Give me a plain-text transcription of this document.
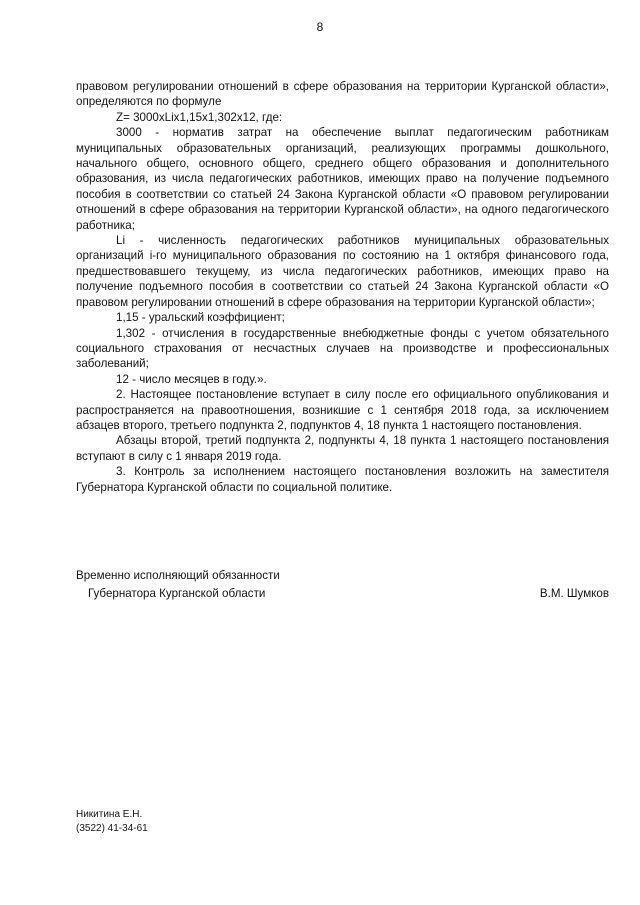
8

правовом регулировании отношений в сфере образования на территории Курганской области», определяются по формуле

Z= 3000xLix1,15x1,302x12, где:

3000 - норматив затрат на обеспечение выплат педагогическим работникам муниципальных образовательных организаций, реализующих программы дошкольного, начального общего, основного общего, среднего общего образования и дополнительного образования, из числа педагогических работников, имеющих право на получение подъемного пособия в соответствии со статьей 24 Закона Курганской области «О правовом регулировании отношений в сфере образования на территории Курганской области», на одного педагогического работника;

Li - численность педагогических работников муниципальных образовательных организаций i-го муниципального образования по состоянию на 1 октября финансового года, предшествовавшего текущему, из числа педагогических работников, имеющих право на получение подъемного пособия в соответствии со статьей 24 Закона Курганской области «О правовом регулировании отношений в сфере образования на территории Курганской области»;

1,15 - уральский коэффициент;

1,302 - отчисления в государственные внебюджетные фонды с учетом обязательного социального страхования от несчастных случаев на производстве и профессиональных заболеваний;

12 - число месяцев в году.».

2. Настоящее постановление вступает в силу после его официального опубликования и распространяется на правоотношения, возникшие с 1 сентября 2018 года, за исключением абзацев второго, третьего подпункта 2, подпунктов 4, 18 пункта 1 настоящего постановления.

Абзацы второй, третий подпункта 2, подпункты 4, 18 пункта 1 настоящего постановления вступают в силу с 1 января 2019 года.

3. Контроль за исполнением настоящего постановления возложить на заместителя Губернатора Курганской области по социальной политике.

Временно исполняющий обязанности
Губернатора Курганской области	В.М. Шумков
Никитина Е.Н.
(3522) 41-34-61
